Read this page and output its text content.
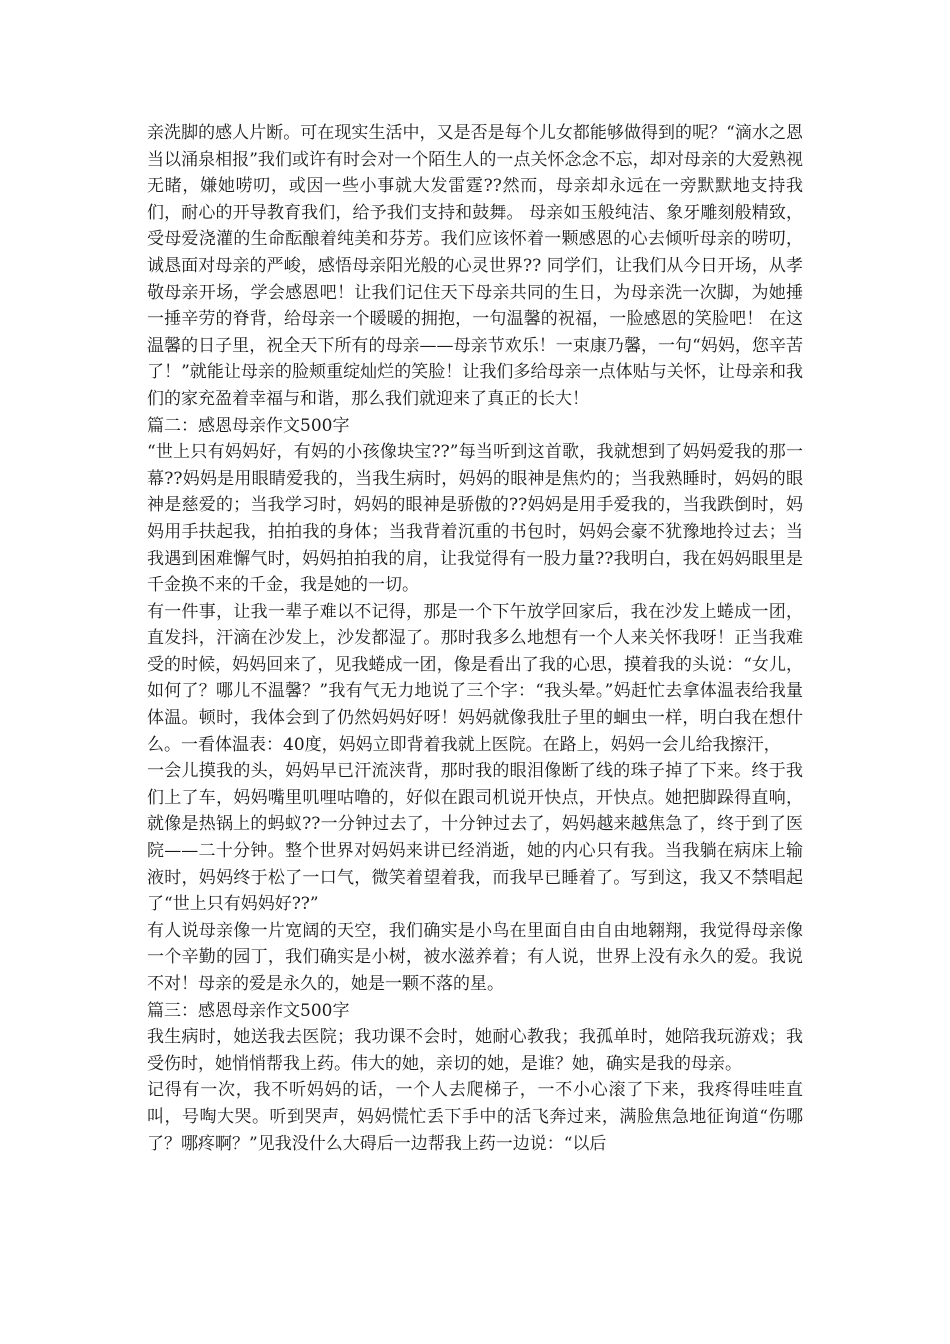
亲洗脚的感人片断。可在现实生活中，又是否是每个儿女都能够做得到的呢？“滴水之恩当以涌泉相报”我们或许有时会对一个陌生人的一点关怀念念不忘，却对母亲的大爱熟视无睹，嫌她唠叨，或因一些小事就大发雷霆??然而，母亲却永远在一旁默默地支持我们，耐心的开导教育我们，给予我们支持和鼓舞。 母亲如玉般纯洁、象牙雕刻般精致，受母爱浇灌的生命酝酿着纯美和芬芳。我们应该怀着一颗感恩的心去倾听母亲的唠叨，诚恳面对母亲的严峻，感悟母亲阳光般的心灵世界?? 同学们，让我们从今日开场，从孝敬母亲开场，学会感恩吧！让我们记住天下母亲共同的生日，为母亲洗一次脚，为她捶一捶辛劳的脊背，给母亲一个暖暖的拥抱，一句温馨的祝福，一脸感恩的笑脸吧！ 在这温馨的日子里，祝全天下所有的母亲——母亲节欢乐！一束康乃馨，一句“妈妈，您辛苦了！”就能让母亲的脸颊重绽灿烂的笑脸！让我们多给母亲一点体贴与关怀，让母亲和我们的家充盈着幸福与和谐，那么我们就迎来了真正的长大！

篇二：感恩母亲作文500字

“世上只有妈妈好，有妈的小孩像块宝??”每当听到这首歌，我就想到了妈妈爱我的那一幕??妈妈是用眼睛爱我的，当我生病时，妈妈的眼神是焦灼的；当我熟睡时，妈妈的眼神是慈爱的；当我学习时，妈妈的眼神是骄傲的??妈妈是用手爱我的，当我跌倒时，妈妈用手扶起我，拍拍我的身体；当我背着沉重的书包时，妈妈会豪不犹豫地拎过去；当我遇到困难懈气时，妈妈拍拍我的肩，让我觉得有一股力量??我明白，我在妈妈眼里是千金换不来的千金，我是她的一切。

有一件事，让我一辈子难以不记得，那是一个下午放学回家后，我在沙发上蜷成一团，直发抖，汗滴在沙发上，沙发都湿了。那时我多么地想有一个人来关怀我呀！正当我难受的时候，妈妈回来了，见我蜷成一团，像是看出了我的心思，摸着我的头说：“女儿，如何了？哪儿不温馨？”我有气无力地说了三个字：“我头晕。”妈赶忙去拿体温表给我量体温。顿时，我体会到了仍然妈妈好呀！妈妈就像我肚子里的蛔虫一样，明白我在想什么。一看体温表：40度，妈妈立即背着我就上医院。在路上，妈妈一会儿给我擦汗，

一会儿摸我的头，妈妈早已汗流浃背，那时我的眼泪像断了线的珠子掉了下来。终于我们上了车，妈妈嘴里叽哩咕噜的，好似在跟司机说开快点，开快点。她把脚跺得直响，就像是热锅上的蚂蚁??一分钟过去了，十分钟过去了，妈妈越来越焦急了，终于到了医院——二十分钟。整个世界对妈妈来讲已经消逝，她的内心只有我。当我躺在病床上输液时，妈妈终于松了一口气，微笑着望着我，而我早已睡着了。写到这，我又不禁唱起了“世上只有妈妈好??”

有人说母亲像一片宽阔的天空，我们确实是小鸟在里面自由自由地翱翔，我觉得母亲像一个辛勤的园丁，我们确实是小树，被水滋养着；有人说，世界上没有永久的爱。我说不对！母亲的爱是永久的，她是一颗不落的星。

篇三：感恩母亲作文500字

我生病时，她送我去医院；我功课不会时，她耐心教我；我孤单时，她陪我玩游戏；我受伤时，她悄悄帮我上药。伟大的她，亲切的她，是谁？她，确实是我的母亲。

记得有一次，我不听妈妈的话，一个人去爬梯子，一不小心滚了下来，我疼得哇哇直叫，号啕大哭。听到哭声，妈妈慌忙丢下手中的活飞奔过来，满脸焦急地征询道“伤哪了？哪疼啊？”见我没什么大碍后一边帮我上药一边说：“以后
